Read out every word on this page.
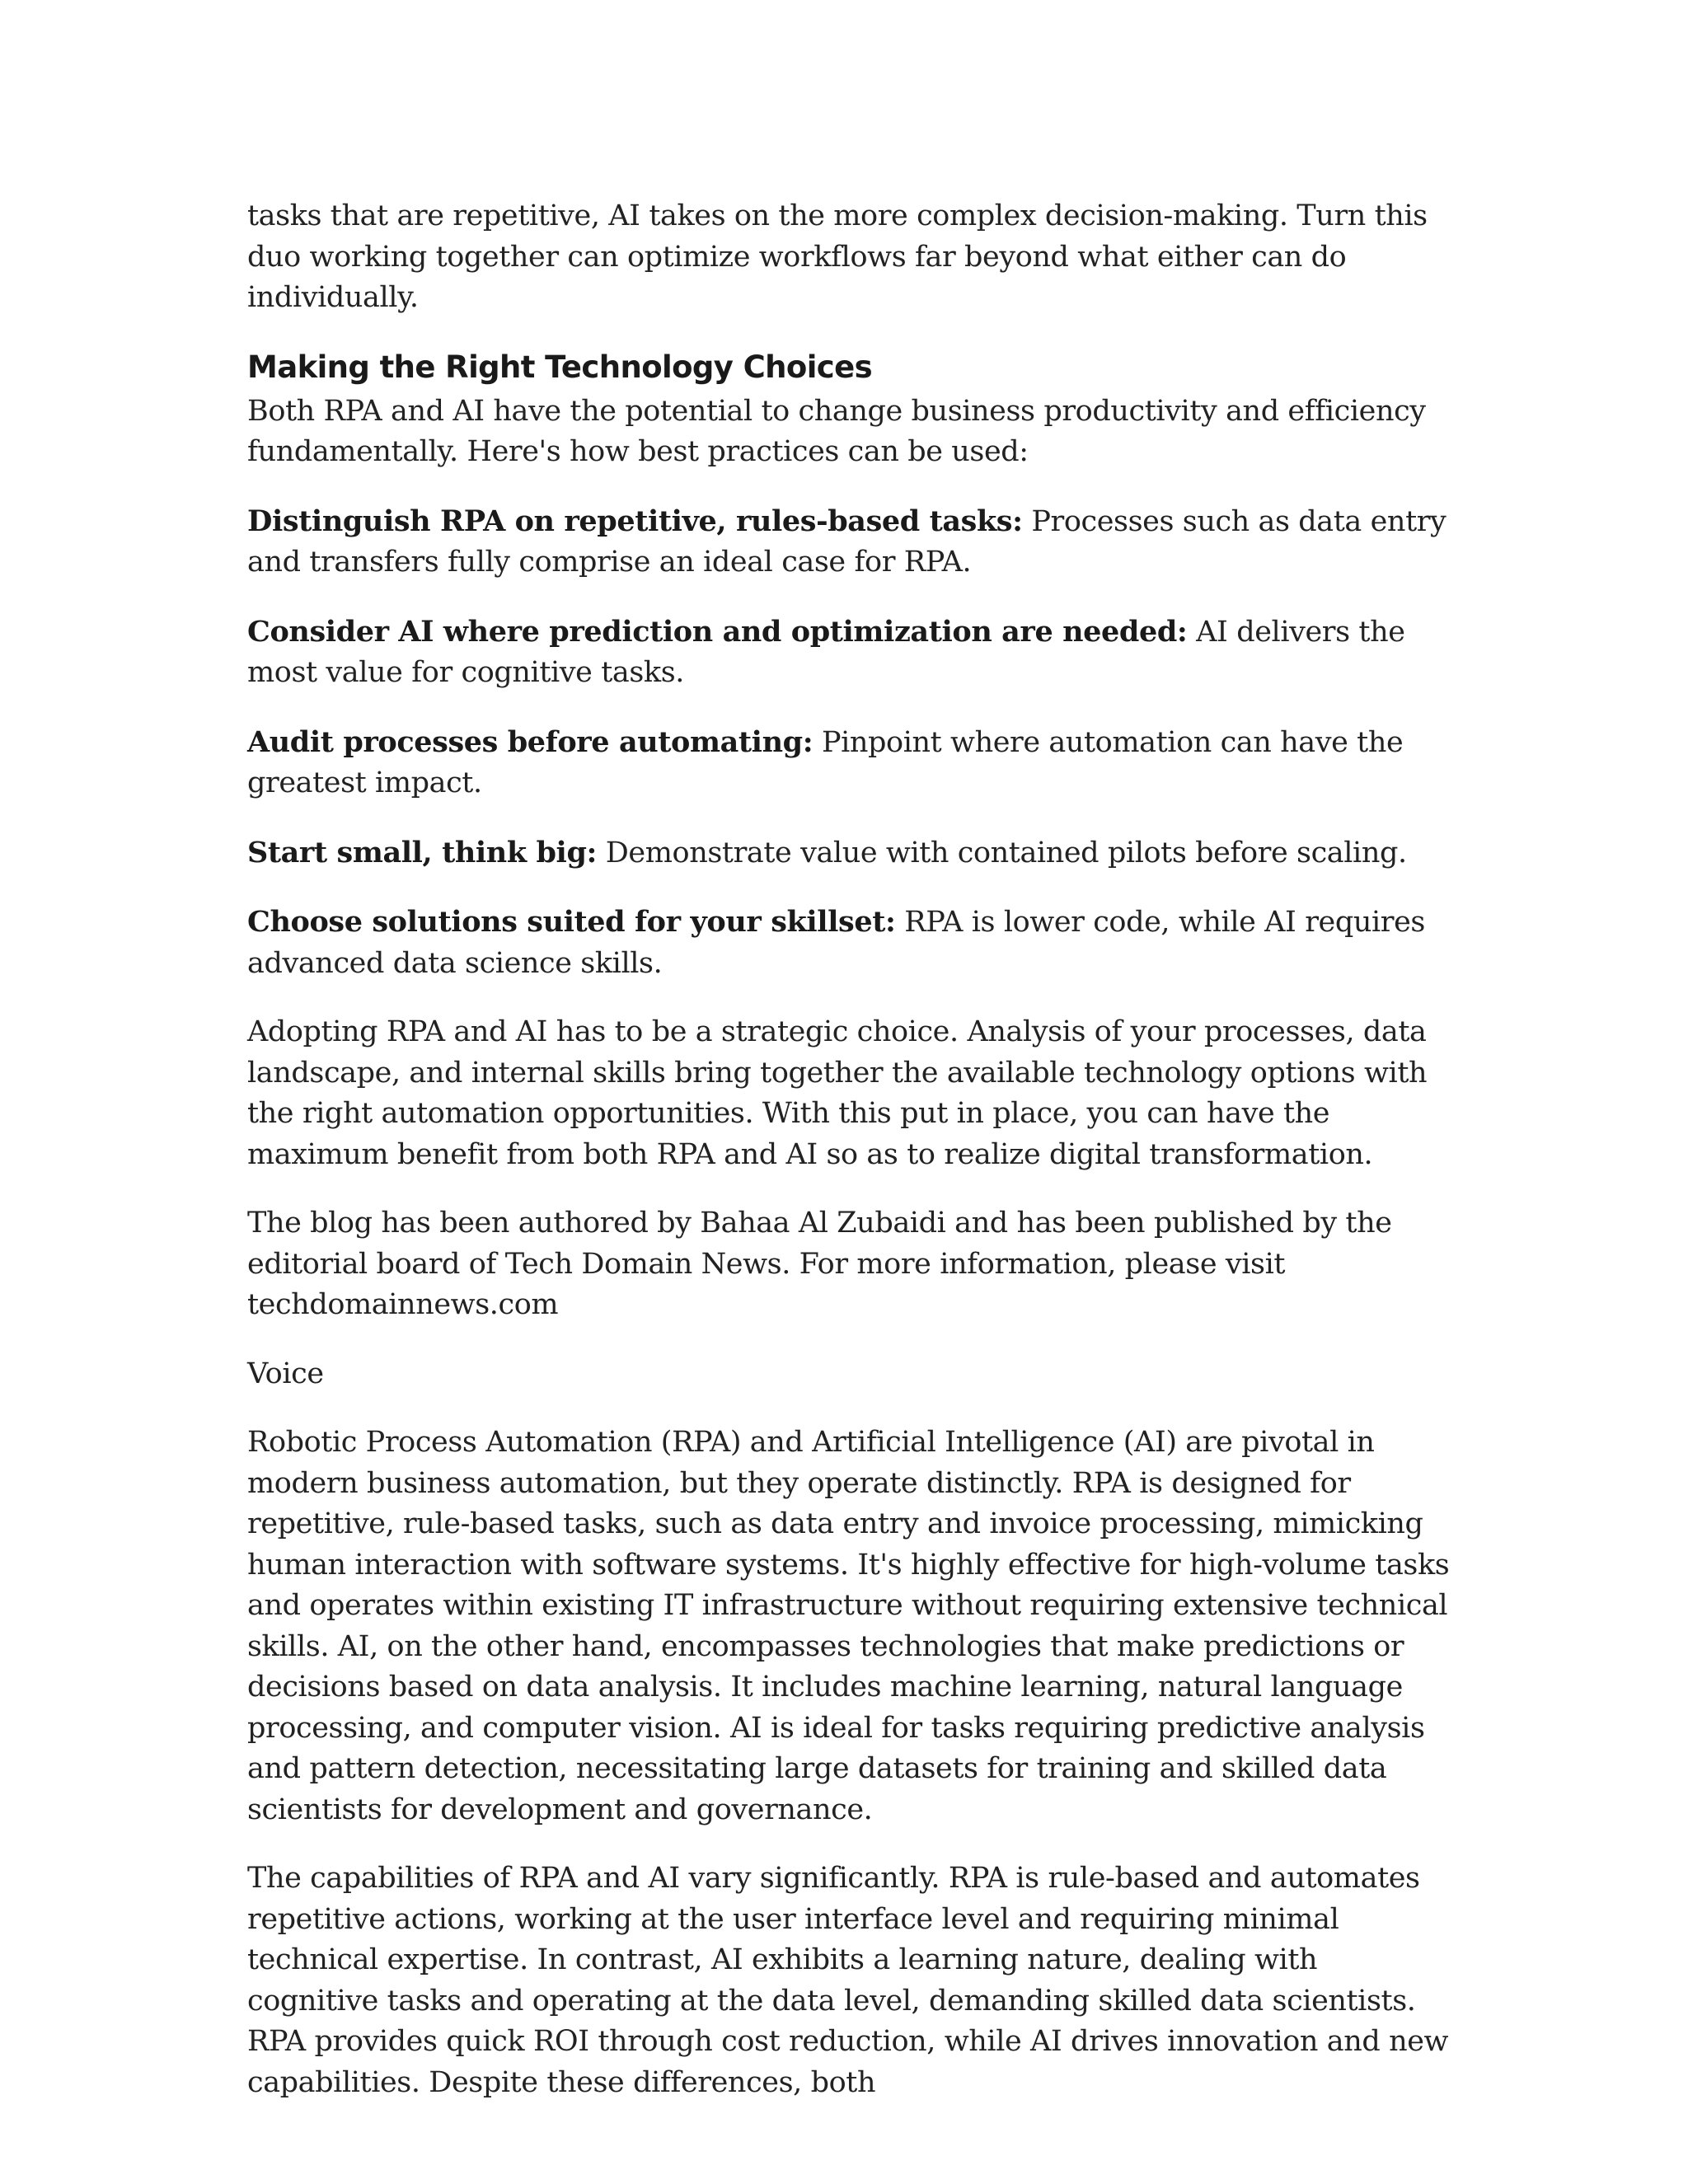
tasks that are repetitive, AI takes on the more complex decision-making. Turn this duo working together can optimize workflows far beyond what either can do individually.

Making the Right Technology Choices

Both RPA and AI have the potential to change business productivity and efficiency fundamentally. Here's how best practices can be used:

Distinguish RPA on repetitive, rules-based tasks: Processes such as data entry and transfers fully comprise an ideal case for RPA.

Consider AI where prediction and optimization are needed: AI delivers the most value for cognitive tasks.

Audit processes before automating: Pinpoint where automation can have the greatest impact.

Start small, think big: Demonstrate value with contained pilots before scaling.

Choose solutions suited for your skillset: RPA is lower code, while AI requires advanced data science skills.

Adopting RPA and AI has to be a strategic choice. Analysis of your processes, data landscape, and internal skills bring together the available technology options with the right automation opportunities. With this put in place, you can have the maximum benefit from both RPA and AI so as to realize digital transformation.

The blog has been authored by Bahaa Al Zubaidi and has been published by the editorial board of Tech Domain News. For more information, please visit techdomainnews.com

Voice

Robotic Process Automation (RPA) and Artificial Intelligence (AI) are pivotal in modern business automation, but they operate distinctly. RPA is designed for repetitive, rule-based tasks, such as data entry and invoice processing, mimicking human interaction with software systems. It's highly effective for high-volume tasks and operates within existing IT infrastructure without requiring extensive technical skills. AI, on the other hand, encompasses technologies that make predictions or decisions based on data analysis. It includes machine learning, natural language processing, and computer vision. AI is ideal for tasks requiring predictive analysis and pattern detection, necessitating large datasets for training and skilled data scientists for development and governance.

The capabilities of RPA and AI vary significantly. RPA is rule-based and automates repetitive actions, working at the user interface level and requiring minimal technical expertise. In contrast, AI exhibits a learning nature, dealing with cognitive tasks and operating at the data level, demanding skilled data scientists. RPA provides quick ROI through cost reduction, while AI drives innovation and new capabilities. Despite these differences, both
